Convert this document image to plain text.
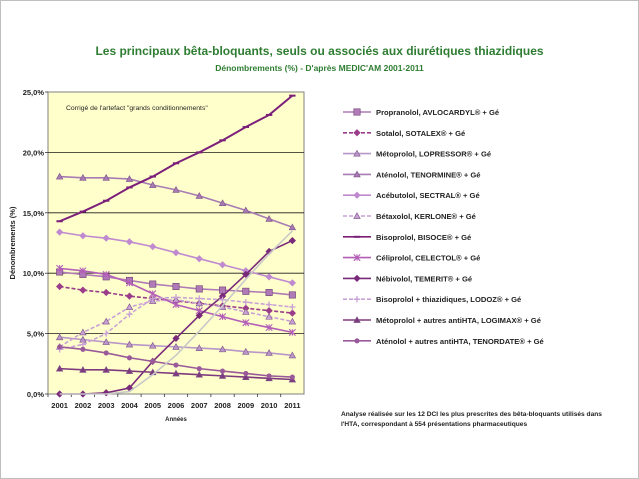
Les principaux bêta-bloquants, seuls ou associés aux diurétiques thiazidiques
Dénombrements (%) - D'après MEDIC'AM 2001-2011
0,0%
5,0%
10,0%
15,0%
20,0%
25,0%
2001 2002 2003 2004 2005 2006 2007 2008 2009 2010 2011
Années
Dénombrements (%)
Corrigé de l'artefact "grands conditionnements"	Propranolol, AVLOCARDYL® + Gé
Sotalol, SOTALEX® + Gé
Métoprolol, LOPRESSOR® + Gé
Aténolol, TENORMINE® + Gé
Acébutolol, SECTRAL® + Gé
Bétaxolol, KERLONE® + Gé
Bisoprolol, BISOCE® + Gé
Céliprolol, CELECTOL® + Gé
Nébivolol, TEMERIT® + Gé
Bisoprolol + thiazidiques, LODOZ® + Gé
Métoprolol + autres antiHTA, LOGIMAX® + Gé
Aténolol + autres antiHTA, TENORDATE® + Gé
Analyse réalisée sur les 12 DCI les plus prescrites des bêta-bloquants utilisés dans l'HTA, correspondant à 554 présentations pharmaceutiques
